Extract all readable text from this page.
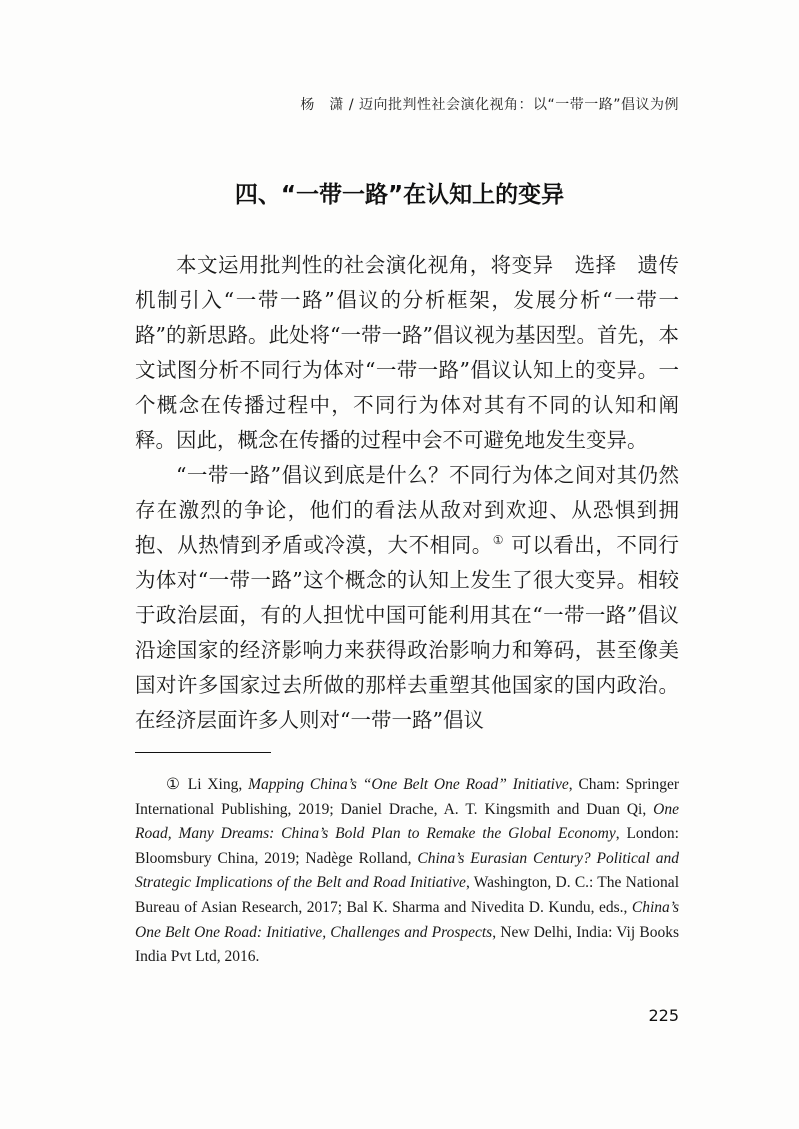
杨　潇 / 迈向批判性社会演化视角：以“一带一路”倡议为例
四、“一带一路”在认知上的变异

本文运用批判性的社会演化视角，将变异　选择　遗传机制引入“一带一路”倡议的分析框架，发展分析“一带一路”的新思路。此处将“一带一路”倡议视为基因型。首先，本文试图分析不同行为体对“一带一路”倡议认知上的变异。一个概念在传播过程中，不同行为体对其有不同的认知和阐释。因此，概念在传播的过程中会不可避免地发生变异。

“一带一路”倡议到底是什么？不同行为体之间对其仍然存在激烈的争论，他们的看法从敌对到欢迎、从恐惧到拥抱、从热情到矛盾或冷漠，大不相同。① 可以看出，不同行为体对“一带一路”这个概念的认知上发生了很大变异。相较于政治层面，有的人担忧中国可能利用其在“一带一路”倡议沿途国家的经济影响力来获得政治影响力和筹码，甚至像美国对许多国家过去所做的那样去重塑其他国家的国内政治。在经济层面许多人则对“一带一路”倡议

① Li Xing, Mapping China’s “One Belt One Road” Initiative, Cham: Springer International Publishing, 2019; Daniel Drache, A. T. Kingsmith and Duan Qi, One Road, Many Dreams: China’s Bold Plan to Remake the Global Economy, London: Bloomsbury China, 2019; Nadège Rolland, China’s Eurasian Century? Political and Strategic Implications of the Belt and Road Initiative, Washington, D. C.: The National Bureau of Asian Research, 2017; Bal K. Sharma and Nivedita D. Kundu, eds., China’s One Belt One Road: Initiative, Challenges and Prospects, New Delhi, India: Vij Books India Pvt Ltd, 2016.
225
